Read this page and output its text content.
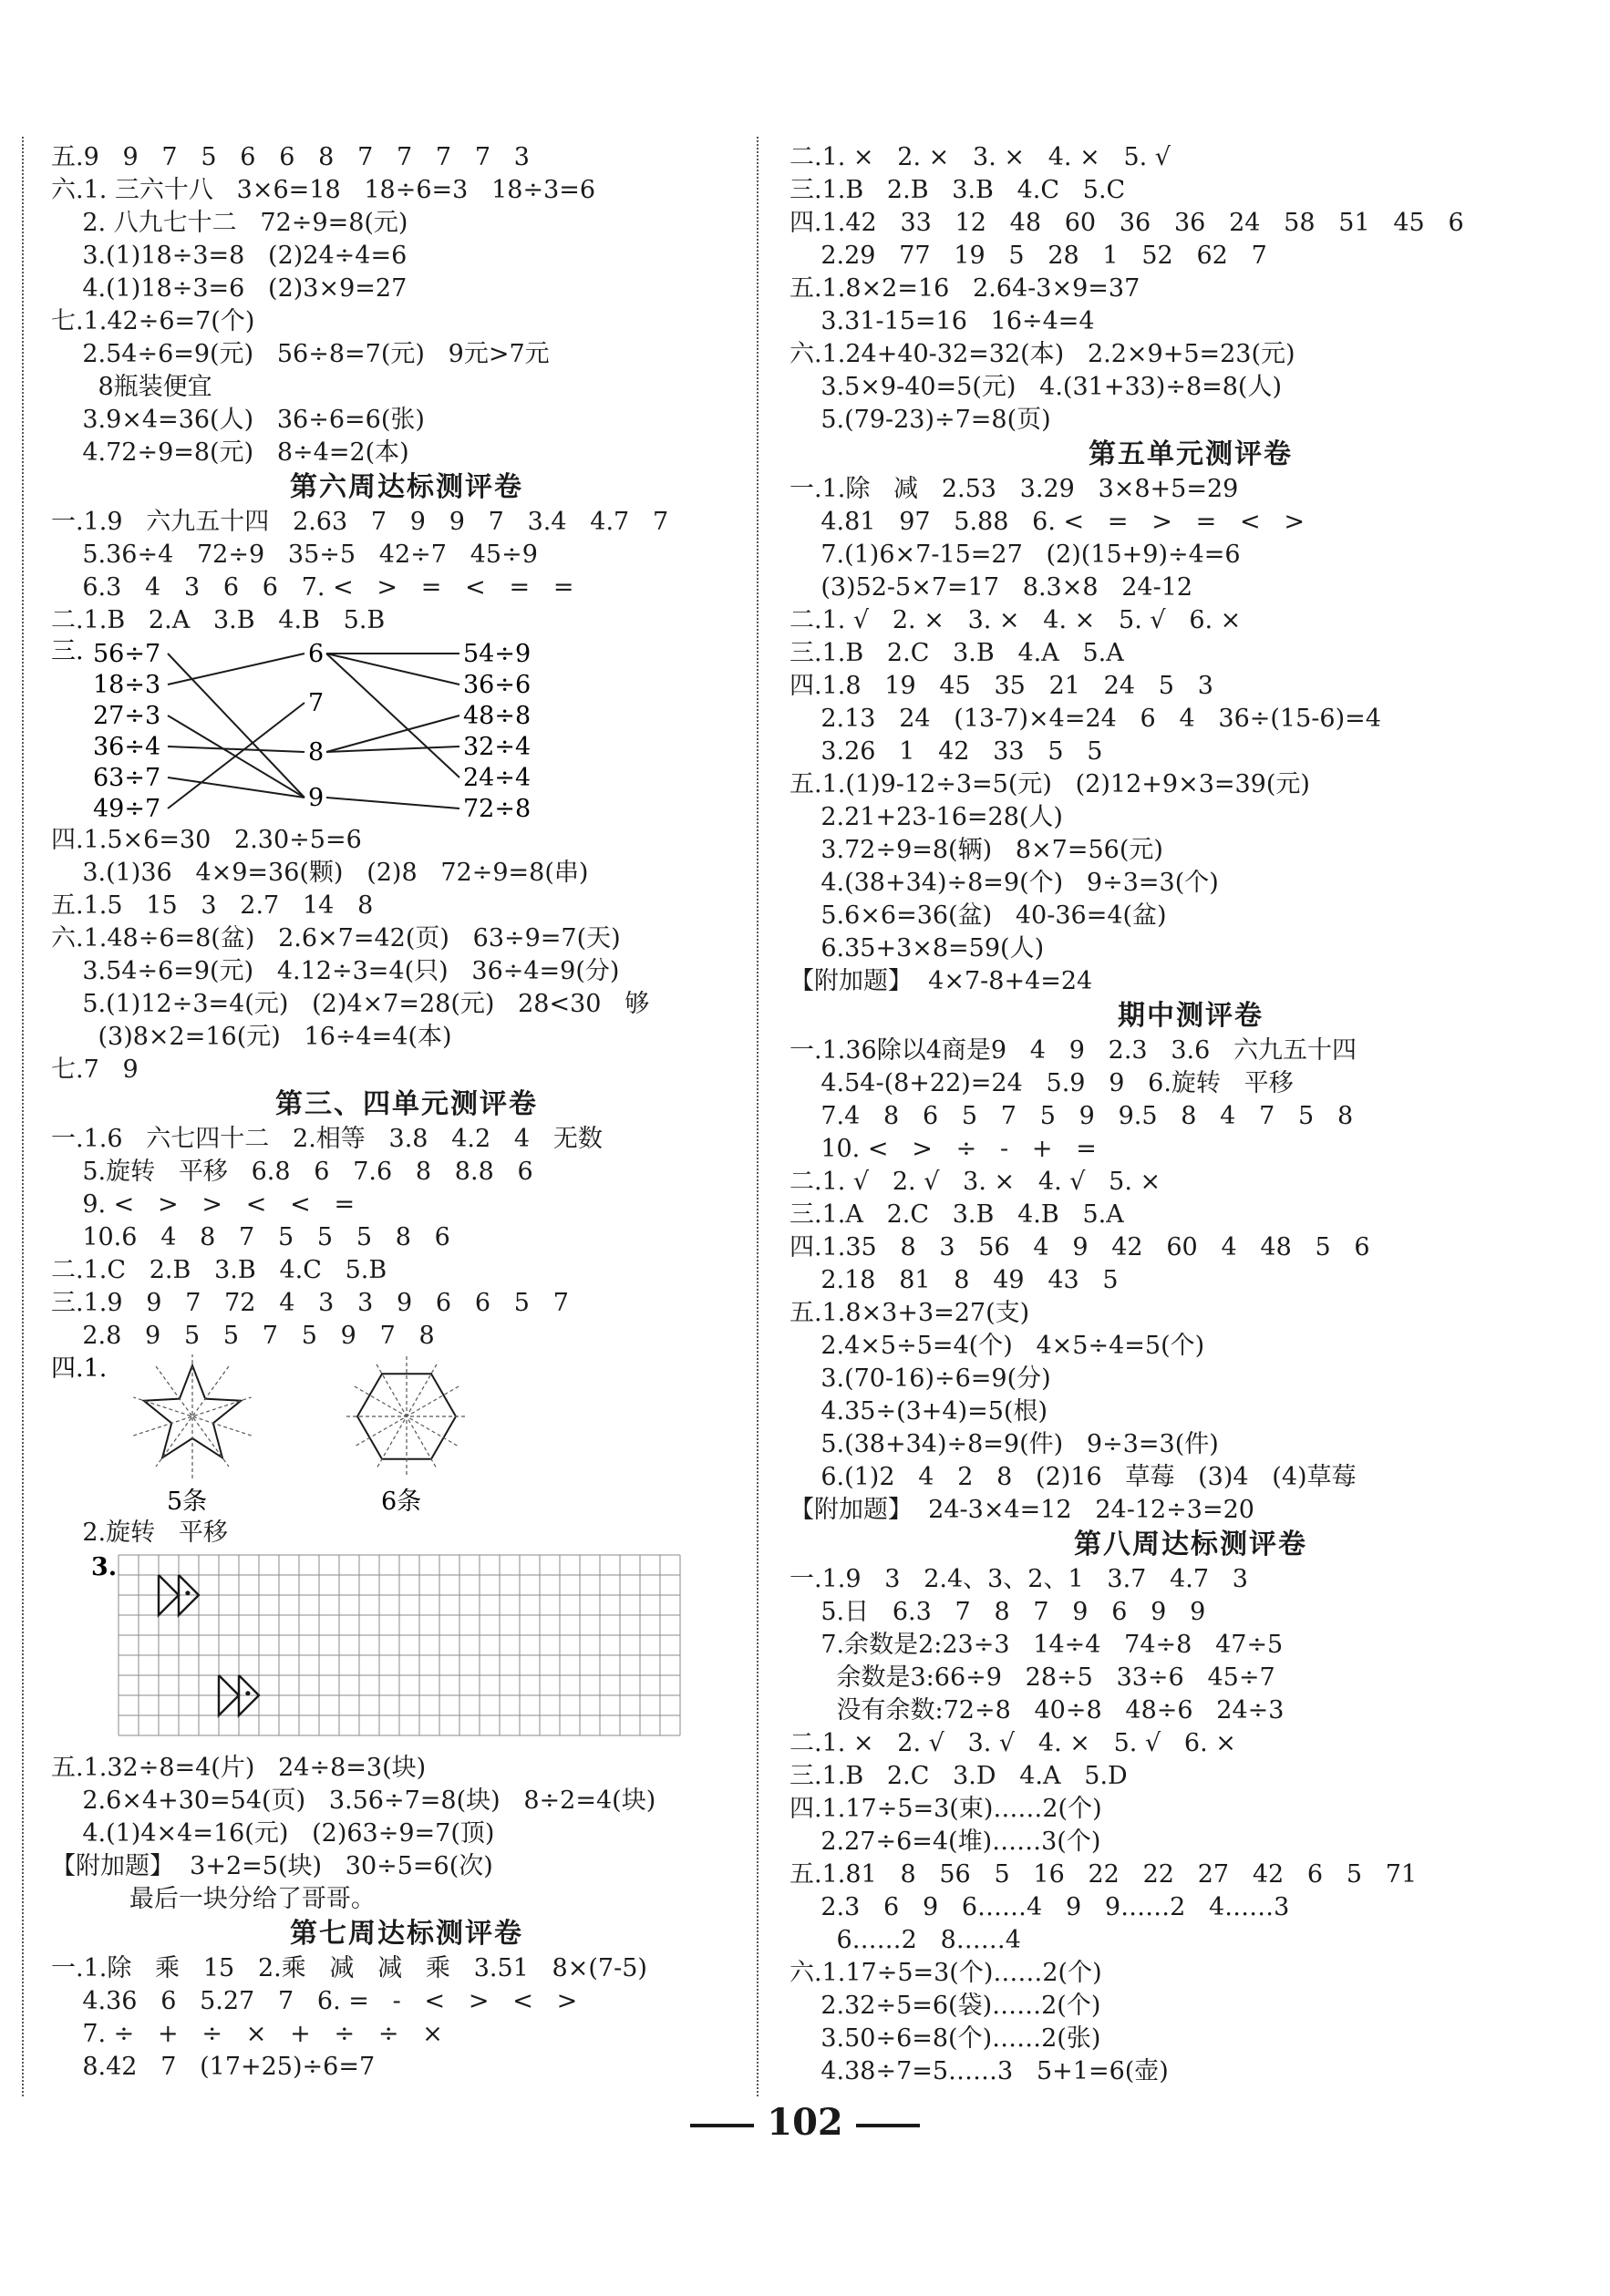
五.9   9   7   5   6   6   8   7   7   7   7   3
六.1. 三六十八   3×6=18   18÷6=3   18÷3=6
2. 八九七十二   72÷9=8(元)
3.(1)18÷3=8   (2)24÷4=6
4.(1)18÷3=6   (2)3×9=27
七.1.42÷6=7(个)
2.54÷6=9(元)   56÷8=7(元)   9元>7元
8瓶装便宜
3.9×4=36(人)   36÷6=6(张)
4.72÷9=8(元)   8÷4=2(本)
第六周达标测评卷
一.1.9   六九五十四   2.63   7   9   9   7   3.4   4.7   7
5.36÷4   72÷9   35÷5   42÷7   45÷9
6.3   4   3   6   6   7. <   >   =   <   =   =
二.1.B   2.A   3.B   4.B   5.B
三. 56÷7
18÷3
27÷3
36÷4
63÷7
49÷7
6
7
8
9
54÷9
36÷6
48÷8
32÷4
24÷4
72÷8
四.1.5×6=30   2.30÷5=6
3.(1)36   4×9=36(颗)   (2)8   72÷9=8(串)
五.1.5   15   3   2.7   14   8
六.1.48÷6=8(盆)   2.6×7=42(页)   63÷9=7(天)
3.54÷6=9(元)   4.12÷3=4(只)   36÷4=9(分)
5.(1)12÷3=4(元)   (2)4×7=28(元)   28<30   够
(3)8×2=16(元)   16÷4=4(本)
七.7   9
第三、四单元测评卷
一.1.6   六七四十二   2.相等   3.8   4.2   4   无数
5.旋转   平移   6.8   6   7.6   8   8.8   6
9. <   >   >   <   <   =
10.6   4   8   7   5   5   5   8   6
二.1.C   2.B   3.B   4.C   5.B
三.1.9   9   7   72   4   3   3   9   6   6   5   7
2.8   9   5   5   7   5   9   7   8
四.1.
5条	6条
2.旋转   平移
3.
五.1.32÷8=4(片)   24÷8=3(块)
2.6×4+30=54(页)   3.56÷7=8(块)   8÷2=4(块)
4.(1)4×4=16(元)   (2)63÷9=7(顶)
【附加题】  3+2=5(块)   30÷5=6(次)
最后一块分给了哥哥。
第七周达标测评卷
一.1.除   乘   15   2.乘   减   减   乘   3.51   8×(7-5)
4.36   6   5.27   7   6. =   -   <   >   <   >
7. ÷   +   ÷   ×   +   ÷   ÷   ×
8.42   7   (17+25)÷6=7
二.1. ×   2. ×   3. ×   4. ×   5. √
三.1.B   2.B   3.B   4.C   5.C
四.1.42   33   12   48   60   36   36   24   58   51   45   6
2.29   77   19   5   28   1   52   62   7
五.1.8×2=16   2.64-3×9=37
3.31-15=16   16÷4=4
六.1.24+40-32=32(本)   2.2×9+5=23(元)
3.5×9-40=5(元)   4.(31+33)÷8=8(人)
5.(79-23)÷7=8(页)
第五单元测评卷
一.1.除   减   2.53   3.29   3×8+5=29
4.81   97   5.88   6. <   =   >   =   <   >
7.(1)6×7-15=27   (2)(15+9)÷4=6
(3)52-5×7=17   8.3×8   24-12
二.1. √   2. ×   3. ×   4. ×   5. √   6. ×
三.1.B   2.C   3.B   4.A   5.A
四.1.8   19   45   35   21   24   5   3
2.13   24   (13-7)×4=24   6   4   36÷(15-6)=4
3.26   1   42   33   5   5
五.1.(1)9-12÷3=5(元)   (2)12+9×3=39(元)
2.21+23-16=28(人)
3.72÷9=8(辆)   8×7=56(元)
4.(38+34)÷8=9(个)   9÷3=3(个)
5.6×6=36(盆)   40-36=4(盆)
6.35+3×8=59(人)
【附加题】  4×7-8+4=24
期中测评卷
一.1.36除以4商是9   4   9   2.3   3.6   六九五十四
4.54-(8+22)=24   5.9   9   6.旋转   平移
7.4   8   6   5   7   5   9   9.5   8   4   7   5   8
10. <   >   ÷   -   +   =
二.1. √   2. √   3. ×   4. √   5. ×
三.1.A   2.C   3.B   4.B   5.A
四.1.35   8   3   56   4   9   42   60   4   48   5   6
2.18   81   8   49   43   5
五.1.8×3+3=27(支)
2.4×5÷5=4(个)   4×5÷4=5(个)
3.(70-16)÷6=9(分)
4.35÷(3+4)=5(根)
5.(38+34)÷8=9(件)   9÷3=3(件)
6.(1)2   4   2   8   (2)16   草莓   (3)4   (4)草莓
【附加题】  24-3×4=12   24-12÷3=20
第八周达标测评卷
一.1.9   3   2.4、3、2、1   3.7   4.7   3
5.日   6.3   7   8   7   9   6   9   9
7.余数是2:23÷3   14÷4   74÷8   47÷5
余数是3:66÷9   28÷5   33÷6   45÷7
没有余数:72÷8   40÷8   48÷6   24÷3
二.1. ×   2. √   3. √   4. ×   5. √   6. ×
三.1.B   2.C   3.D   4.A   5.D
四.1.17÷5=3(束)……2(个)
2.27÷6=4(堆)……3(个)
五.1.81   8   56   5   16   22   22   27   42   6   5   71
2.3   6   9   6……4   9   9……2   4……3
6……2   8……4
六.1.17÷5=3(个)……2(个)
2.32÷5=6(袋)……2(个)
3.50÷6=8(个)……2(张)
4.38÷7=5……3   5+1=6(壶)
102
